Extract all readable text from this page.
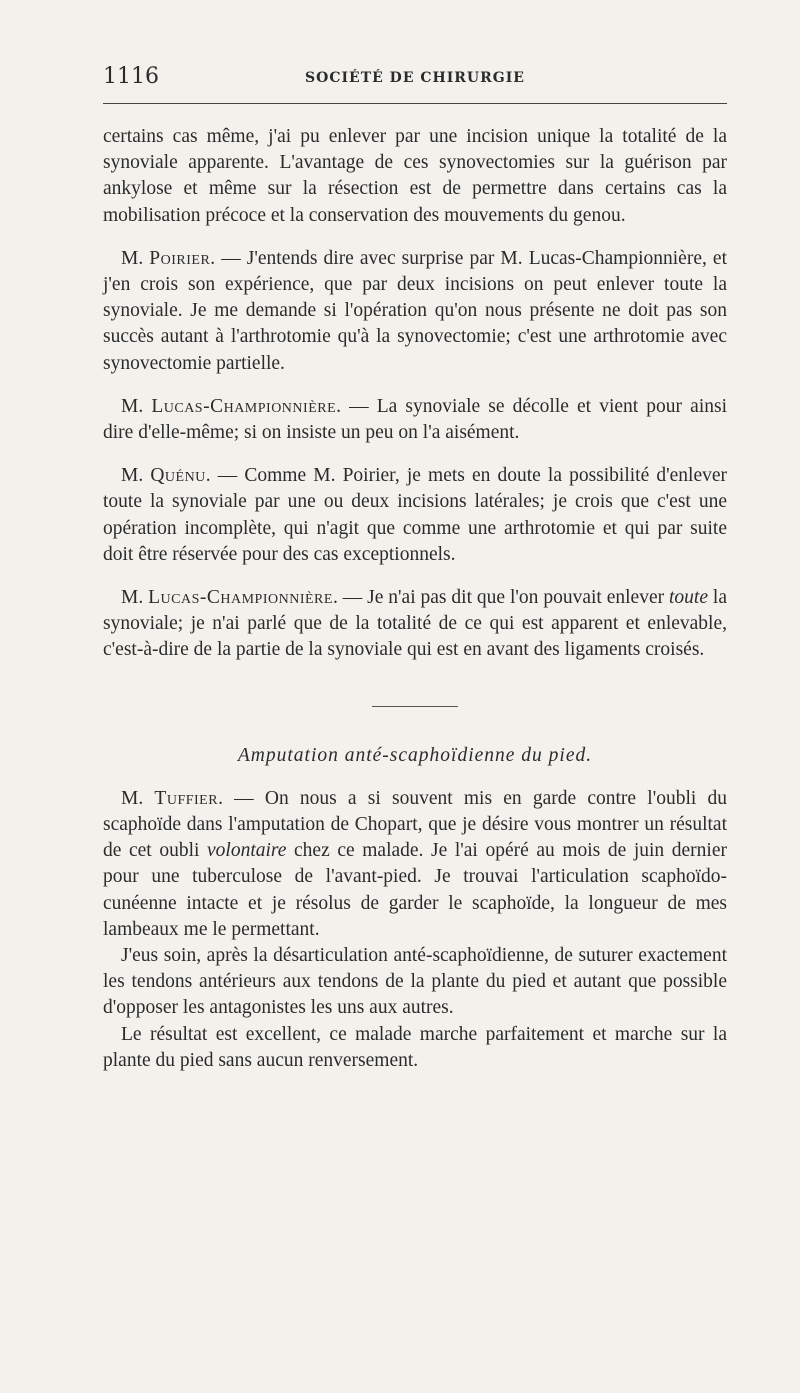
1116	SOCIÉTÉ DE CHIRURGIE

certains cas même, j'ai pu enlever par une incision unique la totalité de la synoviale apparente. L'avantage de ces synovectomies sur la guérison par ankylose et même sur la résection est de permettre dans certains cas la mobilisation précoce et la conservation des mouvements du genou.

M. Poirier. — J'entends dire avec surprise par M. Lucas-Championnière, et j'en crois son expérience, que par deux incisions on peut enlever toute la synoviale. Je me demande si l'opération qu'on nous présente ne doit pas son succès autant à l'arthrotomie qu'à la synovectomie; c'est une arthrotomie avec synovectomie partielle.

M. Lucas-Championnière. — La synoviale se décolle et vient pour ainsi dire d'elle-même; si on insiste un peu on l'a aisément.

M. Quénu. — Comme M. Poirier, je mets en doute la possibilité d'enlever toute la synoviale par une ou deux incisions latérales; je crois que c'est une opération incomplète, qui n'agit que comme une arthrotomie et qui par suite doit être réservée pour des cas exceptionnels.

M. Lucas-Championnière. — Je n'ai pas dit que l'on pouvait enlever toute la synoviale; je n'ai parlé que de la totalité de ce qui est apparent et enlevable, c'est-à-dire de la partie de la synoviale qui est en avant des ligaments croisés.

Amputation anté-scaphoïdienne du pied.

M. Tuffier. — On nous a si souvent mis en garde contre l'oubli du scaphoïde dans l'amputation de Chopart, que je désire vous montrer un résultat de cet oubli volontaire chez ce malade. Je l'ai opéré au mois de juin dernier pour une tuberculose de l'avant-pied. Je trouvai l'articulation scaphoïdo-cunéenne intacte et je résolus de garder le scaphoïde, la longueur de mes lambeaux me le permettant.

J'eus soin, après la désarticulation anté-scaphoïdienne, de suturer exactement les tendons antérieurs aux tendons de la plante du pied et autant que possible d'opposer les antagonistes les uns aux autres.

Le résultat est excellent, ce malade marche parfaitement et marche sur la plante du pied sans aucun renversement.
